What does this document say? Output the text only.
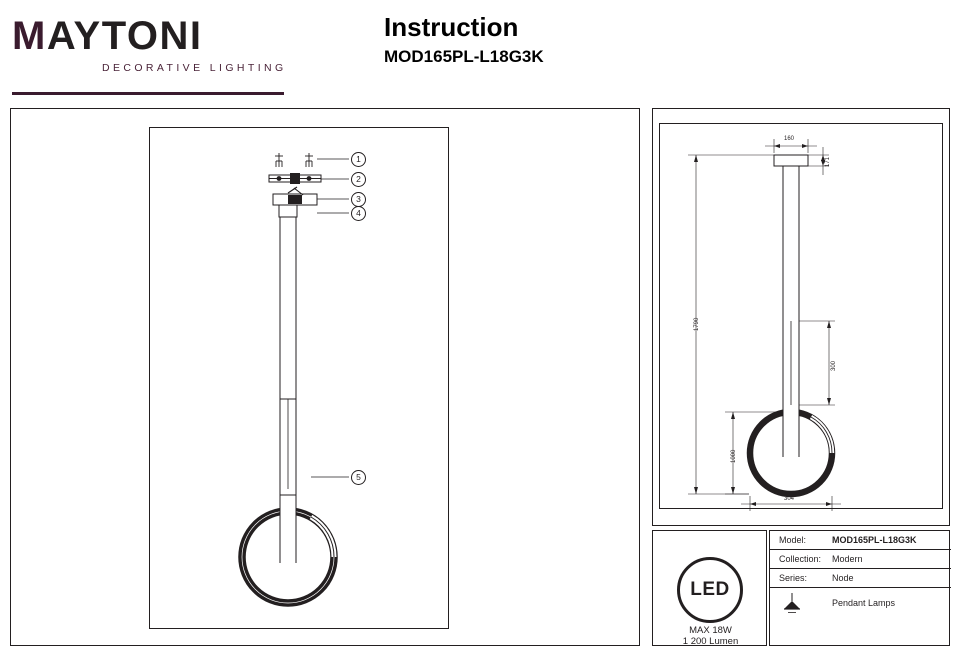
MAYTONI
DECORATIVE LIGHTING
Instruction
MOD165PL-L18G3K
1
2
3
4
5
160
171
1790
300
1000
304
LED
MAX 18W
1 200 Lumen
Model:	MOD165PL-L18G3K
Collection: Modern
Series:	Node
Pendant Lamps
